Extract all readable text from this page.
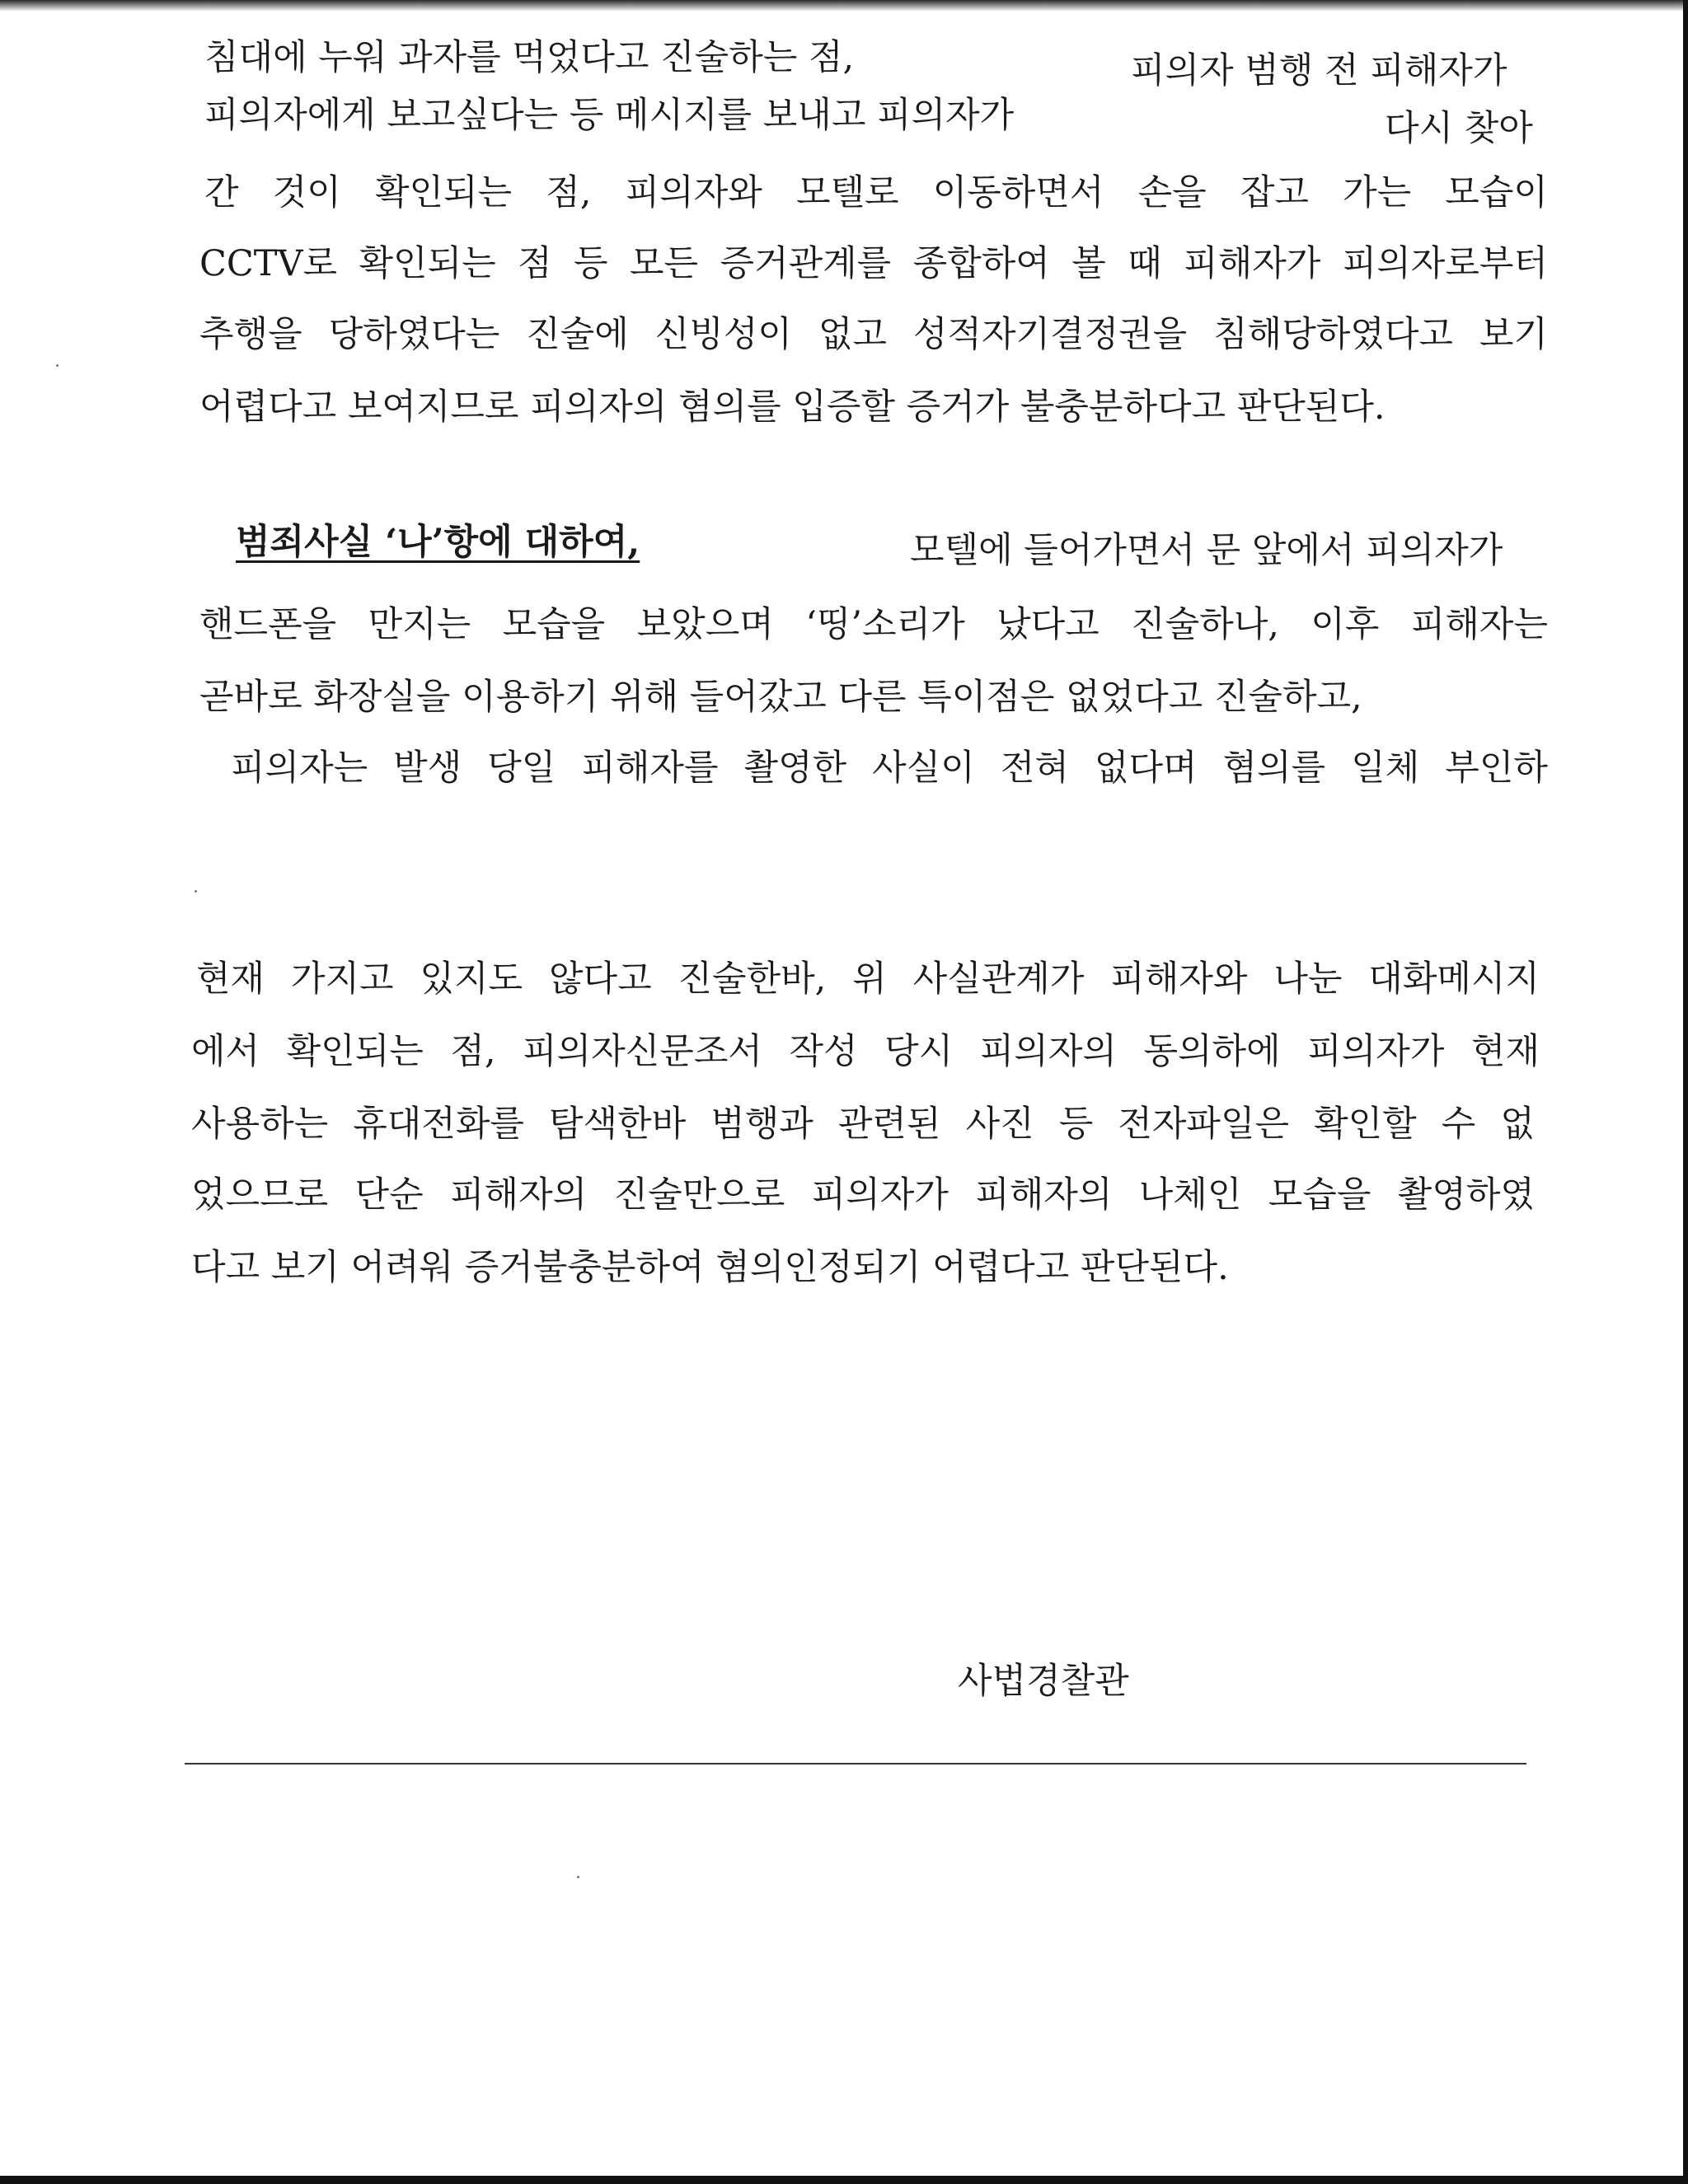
침대에 누워 과자를 먹었다고 진술하는 점,	피의자 범행 전 피해자가
피의자에게 보고싶다는 등 메시지를 보내고 피의자가	다시 찾아
간 것이 확인되는 점, 피의자와 모텔로 이동하면서 손을 잡고 가는 모습이
CCTV로 확인되는 점 등 모든 증거관계를 종합하여 볼 때 피해자가 피의자로부터
추행을 당하였다는 진술에 신빙성이 없고 성적자기결정권을 침해당하였다고 보기
어렵다고 보여지므로 피의자의 혐의를 입증할 증거가 불충분하다고 판단된다.
범죄사실 ‘나’항에 대하여,	모텔에 들어가면서 문 앞에서 피의자가
핸드폰을 만지는 모습을 보았으며 ‘띵’소리가 났다고 진술하나, 이후 피해자는
곧바로 화장실을 이용하기 위해 들어갔고 다른 특이점은 없었다고 진술하고,
피의자는 발생 당일 피해자를 촬영한 사실이 전혀 없다며 혐의를 일체 부인하
현재 가지고 있지도 않다고 진술한바, 위 사실관계가 피해자와 나눈 대화메시지
에서 확인되는 점, 피의자신문조서 작성 당시 피의자의 동의하에 피의자가 현재
사용하는 휴대전화를 탐색한바 범행과 관련된 사진 등 전자파일은 확인할 수 없
었으므로 단순 피해자의 진술만으로 피의자가 피해자의 나체인 모습을 촬영하였
다고 보기 어려워 증거불충분하여 혐의인정되기 어렵다고 판단된다.
사법경찰관
